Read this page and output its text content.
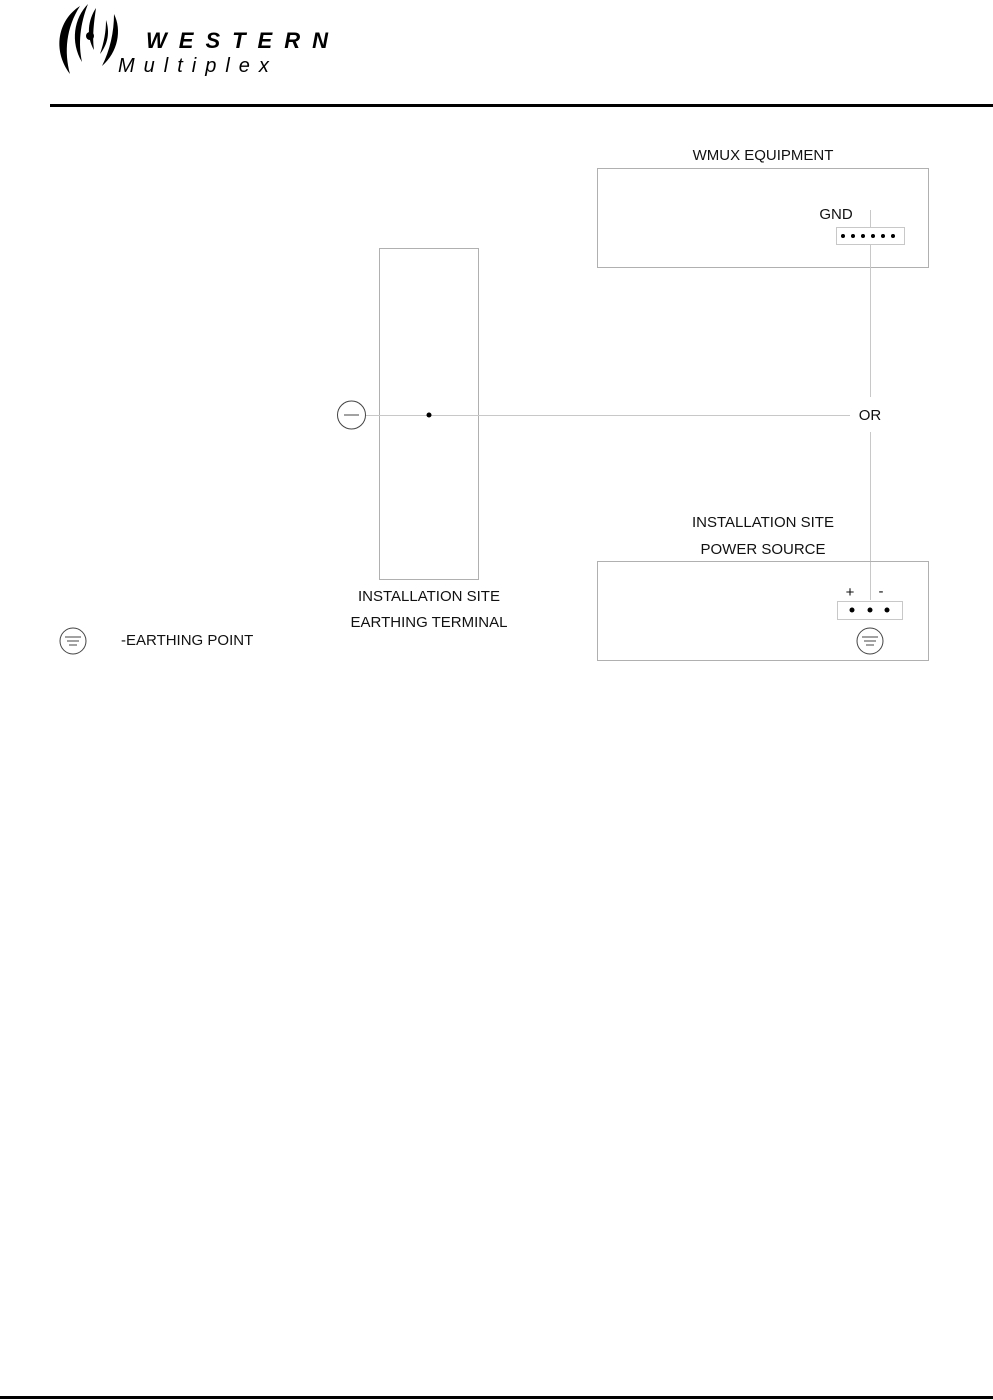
WESTERN
Multiplex
WMUX EQUIPMENT
GND
OR
INSTALLATION SITE
POWER SOURCE
+	-
INSTALLATION SITE
EARTHING TERMINAL
-EARTHING POINT
